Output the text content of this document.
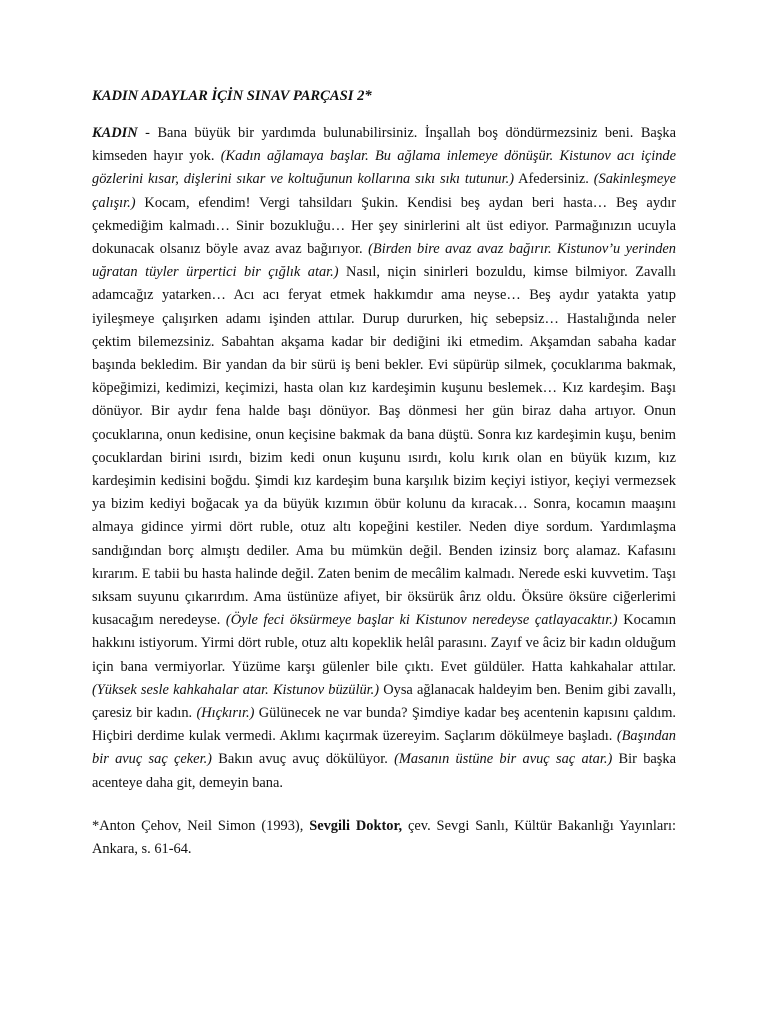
KADIN ADAYLAR İÇİN SINAV PARÇASI 2*

KADIN - Bana büyük bir yardımda bulunabilirsiniz. İnşallah boş döndürmezsiniz beni. Başka kimseden hayır yok. (Kadın ağlamaya başlar. Bu ağlama inlemeye dönüşür. Kistunov acı içinde gözlerini kısar, dişlerini sıkar ve koltuğunun kollarına sıkı sıkı tutunur.) Afedersiniz. (Sakinleşmeye çalışır.) Kocam, efendim! Vergi tahsildarı Şukin. Kendisi beş aydan beri hasta… Beş aydır çekmediğim kalmadı… Sinir bozukluğu… Her şey sinirlerini alt üst ediyor. Parmağınızın ucuyla dokunacak olsanız böyle avaz avaz bağırıyor. (Birden bire avaz avaz bağırır. Kistunov’u yerinden uğratan tüyler ürpertici bir çığlık atar.) Nasıl, niçin sinirleri bozuldu, kimse bilmiyor. Zavallı adamcağız yatarken… Acı acı feryat etmek hakkımdır ama neyse… Beş aydır yatakta yatıp iyileşmeye çalışırken adamı işinden attılar. Durup dururken, hiç sebepsiz… Hastalığında neler çektim bilemezsiniz. Sabahtan akşama kadar bir dediğini iki etmedim. Akşamdan sabaha kadar başında bekledim. Bir yandan da bir sürü iş beni bekler. Evi süpürüp silmek, çocuklarıma bakmak, köpeğimizi, kedimizi, keçimizi, hasta olan kız kardeşimin kuşunu beslemek… Kız kardeşim. Başı dönüyor. Bir aydır fena halde başı dönüyor. Baş dönmesi her gün biraz daha artıyor. Onun çocuklarına, onun kedisine, onun keçisine bakmak da bana düştü. Sonra kız kardeşimin kuşu, benim çocuklardan birini ısırdı, bizim kedi onun kuşunu ısırdı, kolu kırık olan en büyük kızım, kız kardeşimin kedisini boğdu. Şimdi kız kardeşim buna karşılık bizim keçiyi istiyor, keçiyi vermezsek ya bizim kediyi boğacak ya da büyük kızımın öbür kolunu da kıracak… Sonra, kocamın maaşını almaya gidince yirmi dört ruble, otuz altı kopeğini kestiler. Neden diye sordum. Yardımlaşma sandığından borç almıştı dediler. Ama bu mümkün değil. Benden izinsiz borç alamaz. Kafasını kırarım. E tabii bu hasta halinde değil. Zaten benim de mecâlim kalmadı. Nerede eski kuvvetim. Taşı sıksam suyunu çıkarırdım. Ama üstünüze afiyet, bir öksürük ârız oldu. Öksüre öksüre ciğerlerimi kusacağım neredeyse. (Öyle feci öksürmeye başlar ki Kistunov neredeyse çatlayacaktır.) Kocamın hakkını istiyorum. Yirmi dört ruble, otuz altı kopeklik helâl parasını. Zayıf ve âciz bir kadın olduğum için bana vermiyorlar. Yüzüme karşı gülenler bile çıktı. Evet güldüler. Hatta kahkahalar attılar. (Yüksek sesle kahkahalar atar. Kistunov büzülür.) Oysa ağlanacak haldeyim ben. Benim gibi zavallı, çaresiz bir kadın. (Hıçkırır.) Gülünecek ne var bunda? Şimdiye kadar beş acentenin kapısını çaldım. Hiçbiri derdime kulak vermedi. Aklımı kaçırmak üzereyim. Saçlarım dökülmeye başladı. (Başından bir avuç saç çeker.) Bakın avuç avuç dökülüyor. (Masanın üstüne bir avuç saç atar.) Bir başka acenteye daha git, demeyin bana.

*Anton Çehov, Neil Simon (1993), Sevgili Doktor, çev. Sevgi Sanlı, Kültür Bakanlığı Yayınları: Ankara, s. 61-64.
